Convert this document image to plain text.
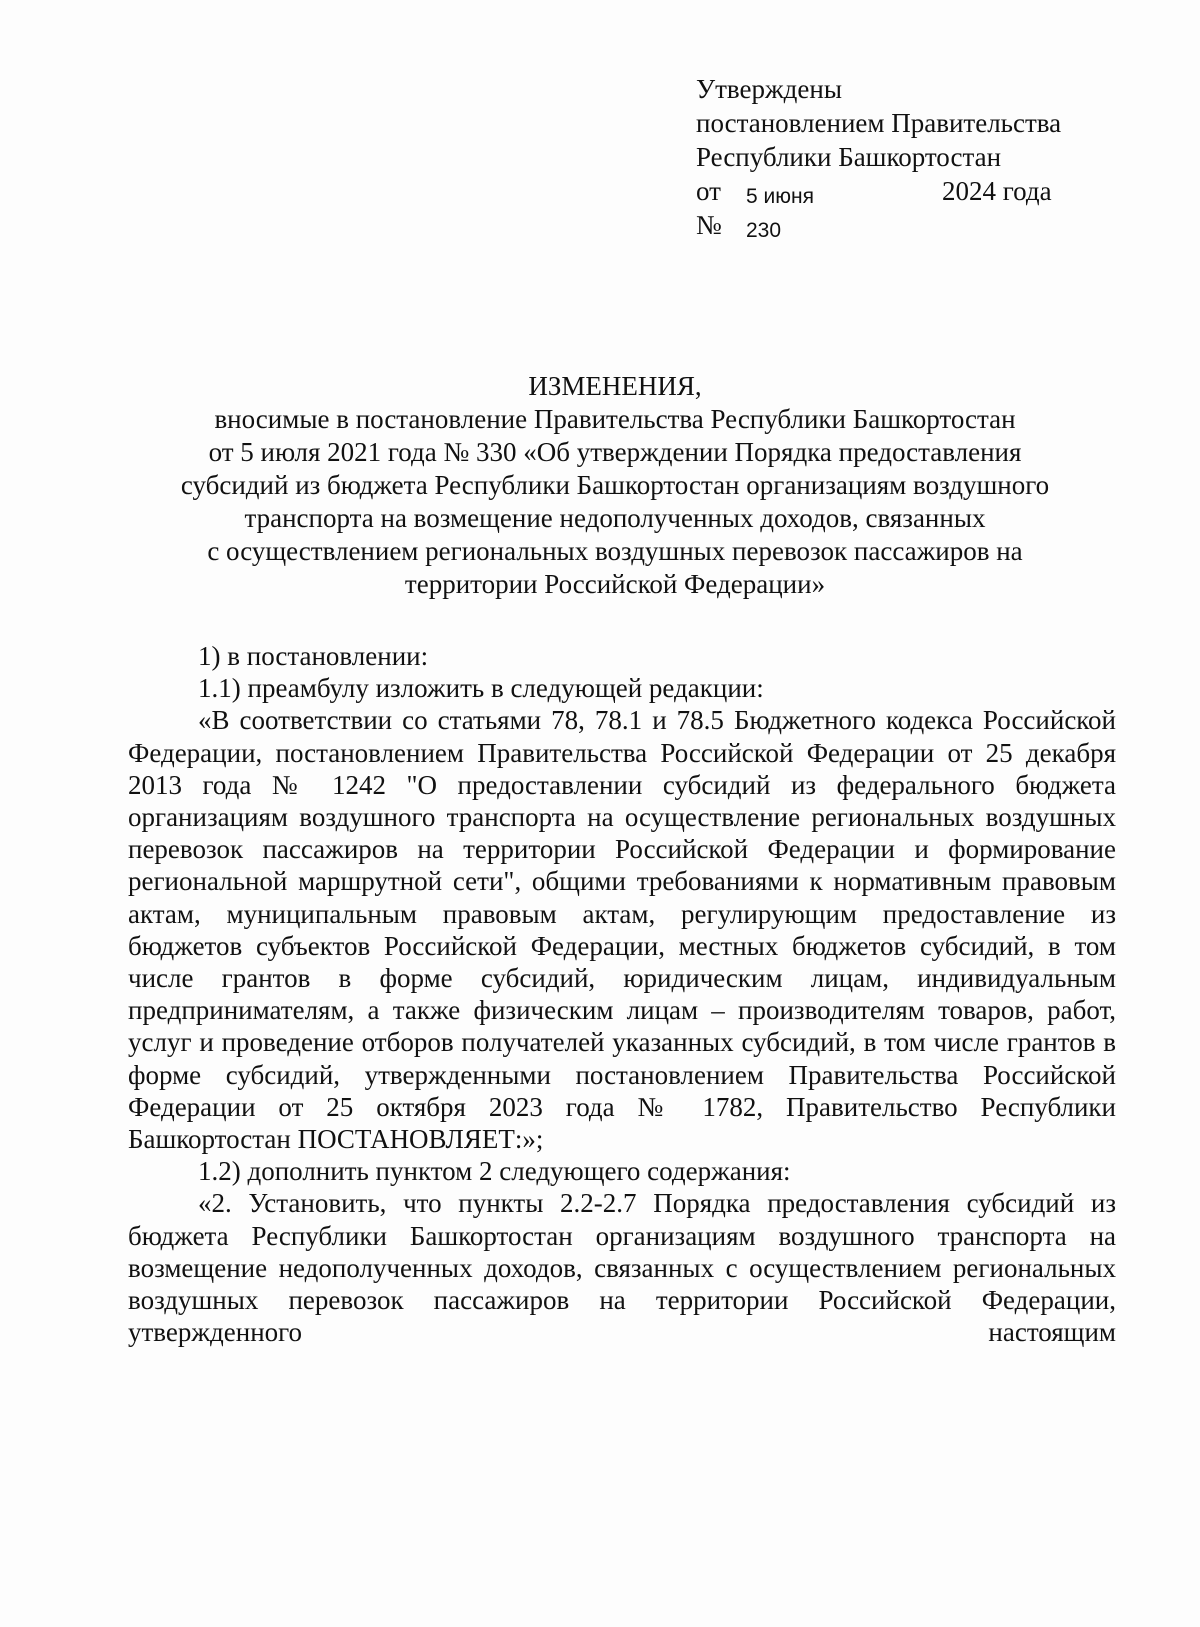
Утверждены
постановлением Правительства
Республики Башкортостан
от 5 июня	2024 года
№ 230
ИЗМЕНЕНИЯ,
вносимые в постановление Правительства Республики Башкортостан
от 5 июля 2021 года № 330 «Об утверждении Порядка предоставления
субсидий из бюджета Республики Башкортостан организациям воздушного
транспорта на возмещение недополученных доходов, связанных
с осуществлением региональных воздушных перевозок пассажиров на
территории Российской Федерации»

1) в постановлении:

1.1) преамбулу изложить в следующей редакции:

«В соответствии со статьями 78, 78.1 и 78.5 Бюджетного кодекса Российской Федерации, постановлением Правительства Российской Федерации от 25 декабря 2013 года № 1242 "О предоставлении субсидий из федерального бюджета организациям воздушного транспорта на осуществление региональных воздушных перевозок пассажиров на территории Российской Федерации и формирование региональной маршрутной сети", общими требованиями к нормативным правовым актам, муниципальным правовым актам, регулирующим предоставление из бюджетов субъектов Российской Федерации, местных бюджетов субсидий, в том числе грантов в форме субсидий, юридическим лицам, индивидуальным предпринимателям, а также физическим лицам – производителям товаров, работ, услуг и проведение отборов получателей указанных субсидий, в том числе грантов в форме субсидий, утвержденными постановлением Правительства Российской Федерации от 25 октября 2023 года № 1782, Правительство Республики Башкортостан ПОСТАНОВЛЯЕТ:»;

1.2) дополнить пунктом 2 следующего содержания:

«2. Установить, что пункты 2.2-2.7 Порядка предоставления субсидий из бюджета Республики Башкортостан организациям воздушного транспорта на возмещение недополученных доходов, связанных с осуществлением региональных воздушных перевозок пассажиров на территории Российской Федерации, утвержденного настоящим
